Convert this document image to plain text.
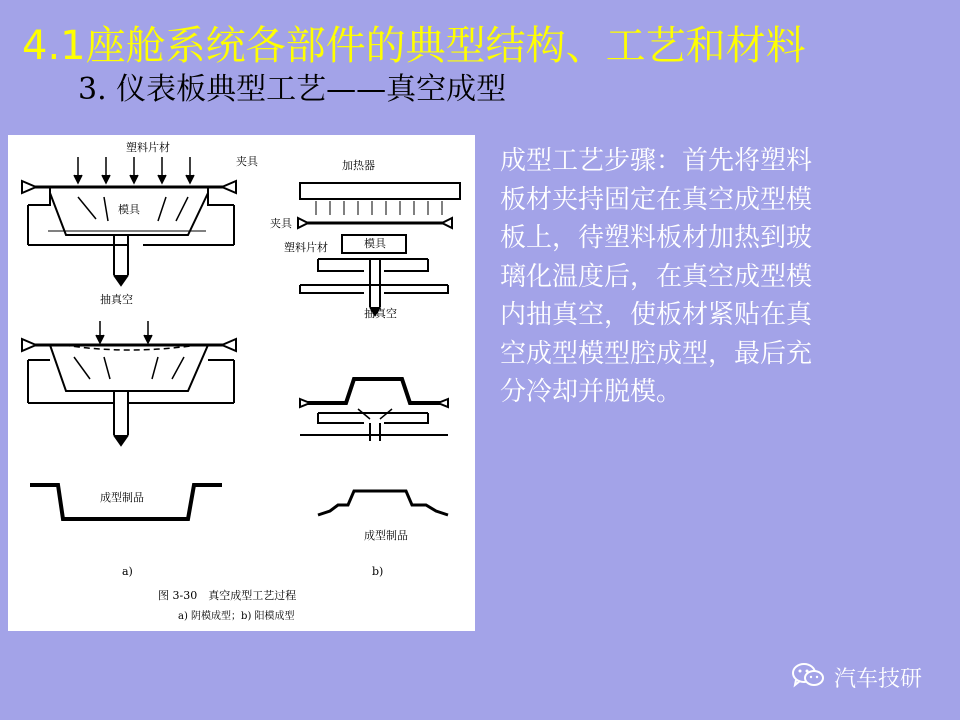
4.1座舱系统各部件的典型结构、工艺和材料
3. 仪表板典型工艺——真空成型
塑料片材
夹具
模具
抽真空
成型制品
a)
加热器
夹具
模具
塑料片材
抽真空
成型制品
b)
图 3-30　真空成型工艺过程
a) 阴模成型；b) 阳模成型
成型工艺步骤：首先将塑料
板材夹持固定在真空成型模
板上，待塑料板材加热到玻
璃化温度后，在真空成型模
内抽真空，使板材紧贴在真
空成型模型腔成型，最后充
分冷却并脱模。
汽车技研
